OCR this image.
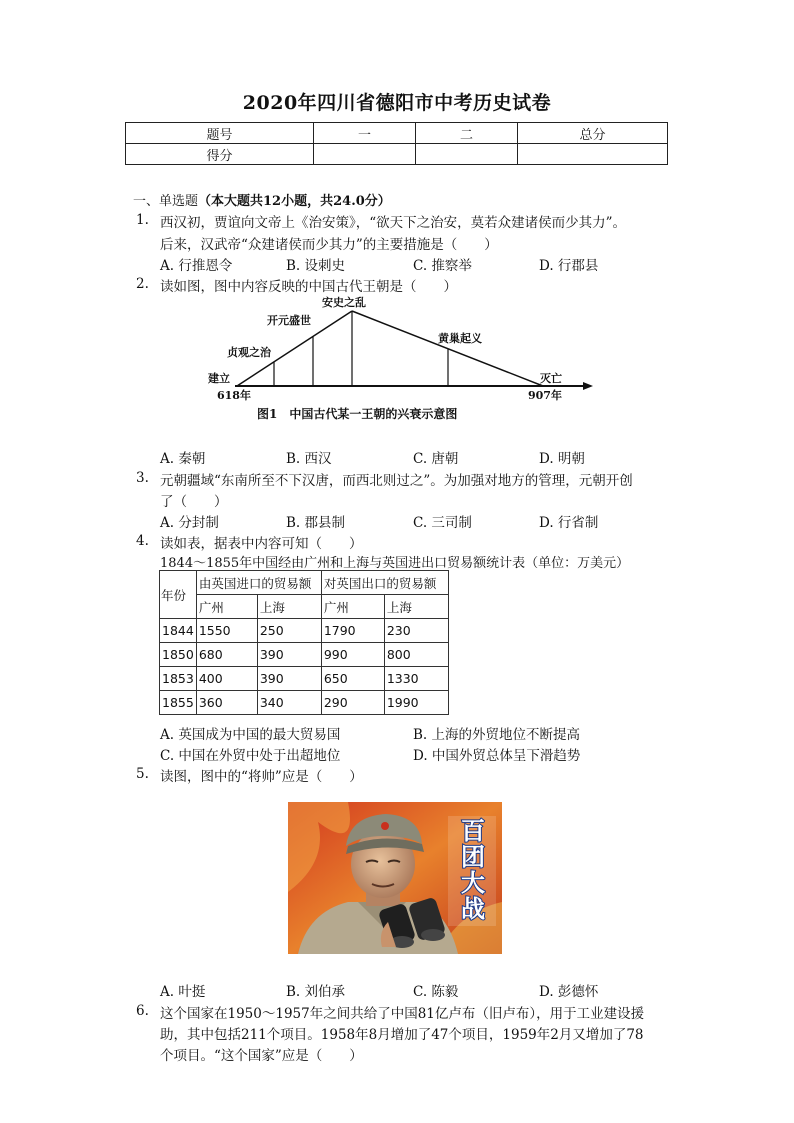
2020年四川省德阳市中考历史试卷
题号	一	二	总分
得分			
一、单选题（本大题共12小题，共24.0分）
1. 西汉初，贾谊向文帝上《治安策》，“欲天下之治安，莫若众建诸侯而少其力”。
后来，汉武帝“众建诸侯而少其力”的主要措施是（　　）
A. 行推恩令	B. 设刺史	C. 推察举	D. 行郡县
2. 读如图，图中内容反映的中国古代王朝是（　　）
建立
618年
贞观之治
开元盛世
黄巢起义
灭亡
907年
图1　中国古代某一王朝的兴衰示意图
安史之乱
A. 秦朝	B. 西汉	C. 唐朝	D. 明朝
3. 元朝疆域“东南所至不下汉唐，而西北则过之”。为加强对地方的管理，元朝开创
了（　　）
A. 分封制	B. 郡县制	C. 三司制	D. 行省制
4. 读如表，据表中内容可知（　　）
1844～1855年中国经由广州和上海与英国进出口贸易额统计表（单位：万美元）
年份	由英国进口的贸易额		对英国出口的贸易额	
	广州	上海	广州	上海
1844	1550	250	1790	230
1850	680	390	990	800
1853	400	390	650	1330
1855	360	340	290	1990
A. 英国成为中国的最大贸易国	B. 上海的外贸地位不断提高
C. 中国在外贸中处于出超地位	D. 中国外贸总体呈下滑趋势
5. 读图，图中的“将帅”应是（　　）
百
团
大
战
A. 叶挺	B. 刘伯承	C. 陈毅	D. 彭德怀
6. 这个国家在1950～1957年之间共给了中国81亿卢布（旧卢布），用于工业建设援
助，其中包括211个项目。1958年8月增加了47个项目，1959年2月又增加了78
个项目。“这个国家”应是（　　）
